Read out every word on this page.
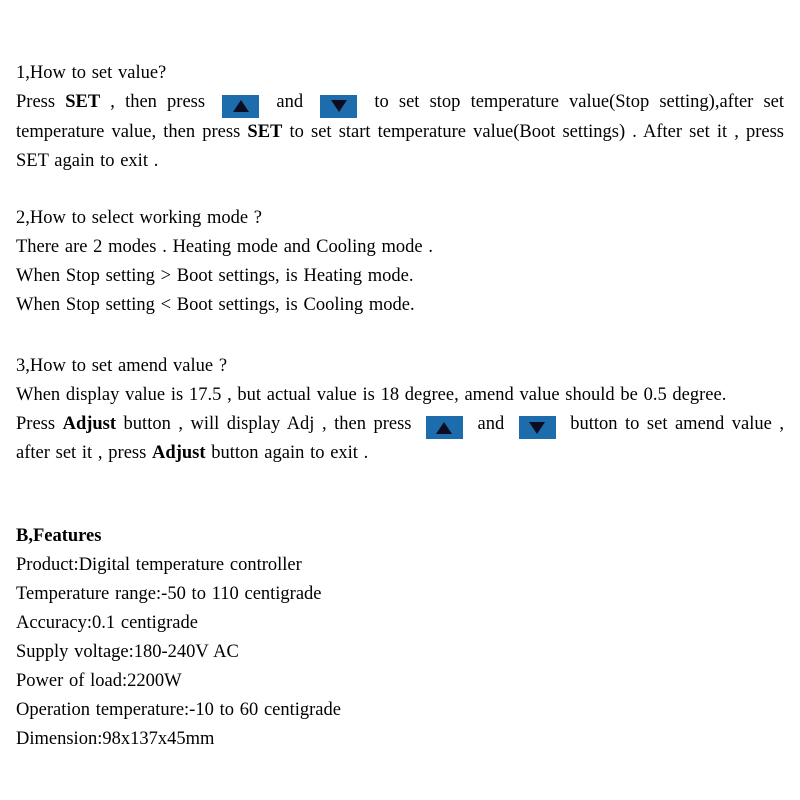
1,How to set value?

Press SET , then press	and	to set stop temperature value(Stop setting),after set temperature value, then press SET to set start temperature value(Boot settings) . After set it , press SET again to exit .

2,How to select working mode ?

There are 2 modes . Heating mode and Cooling mode .

When Stop setting > Boot settings, is Heating mode.

When Stop setting < Boot settings, is Cooling mode.

3,How to set amend value ?

When display value is 17.5 , but actual value is 18 degree, amend value should be 0.5 degree.

Press Adjust button , will display Adj , then press	and	button to set amend value , after set it , press Adjust button again to exit .

B,Features

Product:Digital temperature controller

Temperature range:-50 to 110 centigrade

Accuracy:0.1 centigrade

Supply voltage:180-240V AC

Power of load:2200W

Operation temperature:-10 to 60 centigrade

Dimension:98x137x45mm
